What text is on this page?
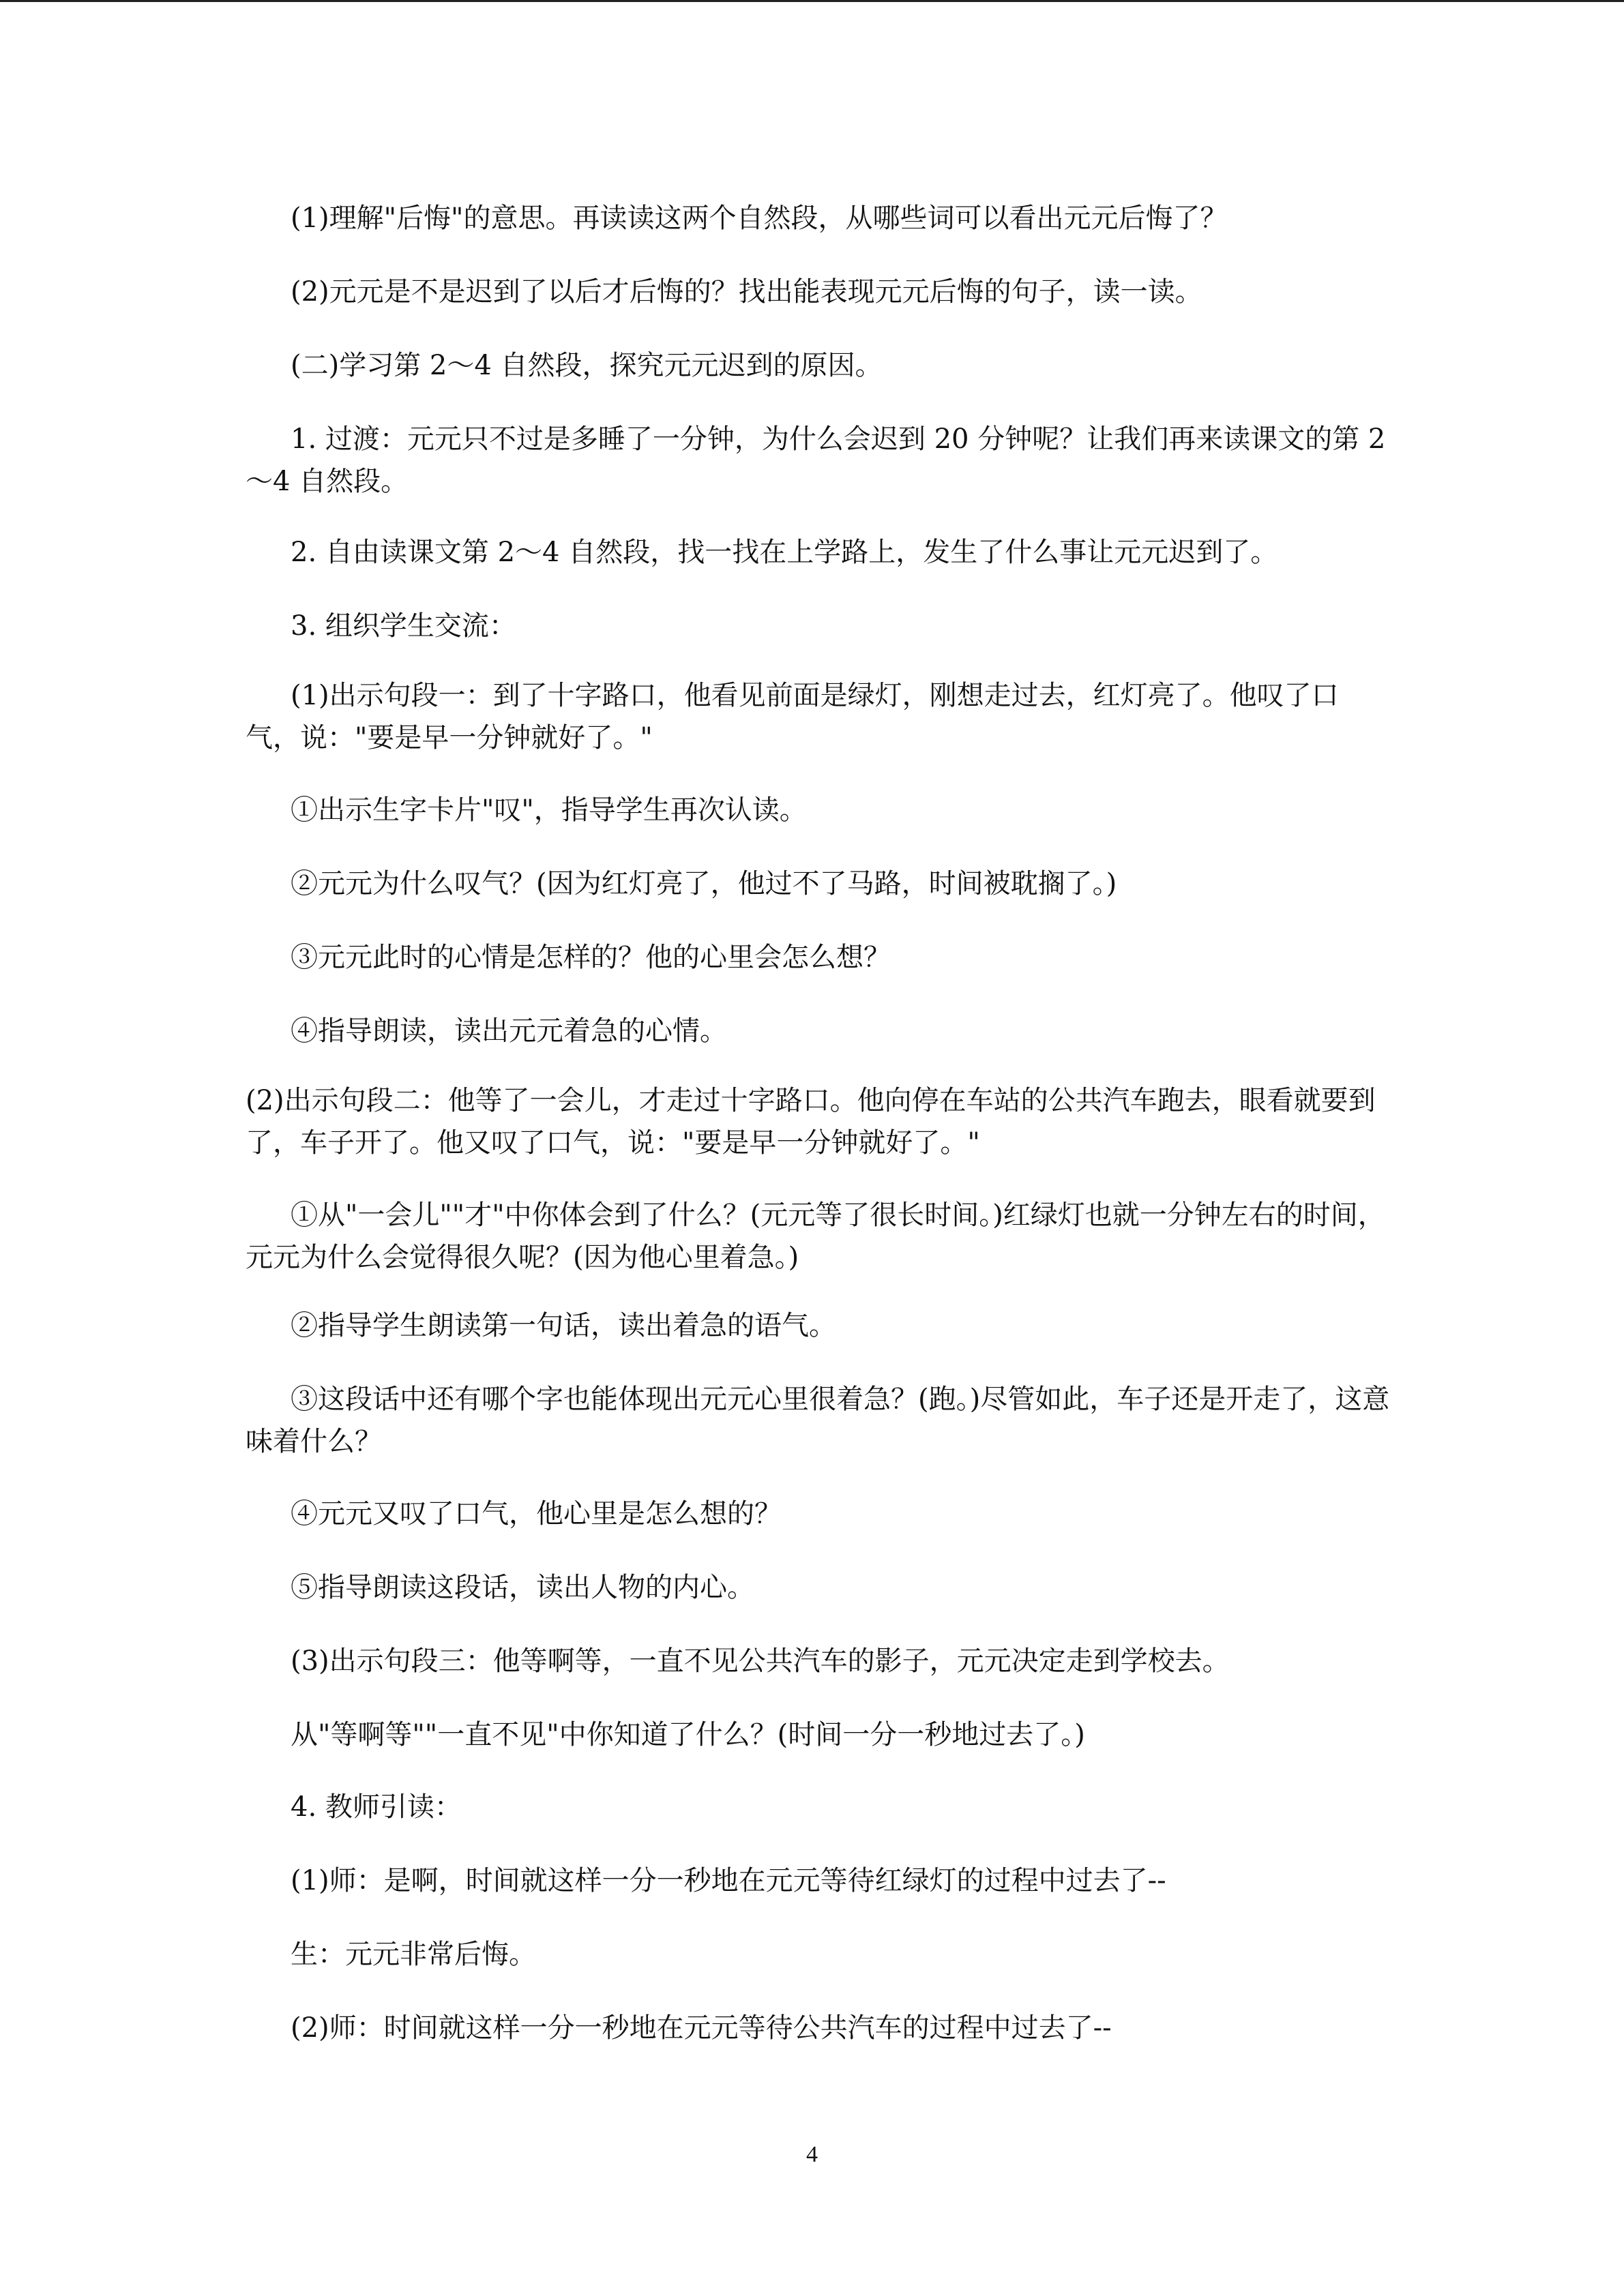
(1)理解"后悔"的意思。再读读这两个自然段，从哪些词可以看出元元后悔了？

(2)元元是不是迟到了以后才后悔的？找出能表现元元后悔的句子，读一读。

(二)学习第 2～4 自然段，探究元元迟到的原因。

1. 过渡：元元只不过是多睡了一分钟，为什么会迟到 20 分钟呢？让我们再来读课文的第 2～4 自然段。

2. 自由读课文第 2～4 自然段，找一找在上学路上，发生了什么事让元元迟到了。

3. 组织学生交流：

(1)出示句段一：到了十字路口，他看见前面是绿灯，刚想走过去，红灯亮了。他叹了口气，说："要是早一分钟就好了。"

①出示生字卡片"叹"，指导学生再次认读。

②元元为什么叹气？(因为红灯亮了，他过不了马路，时间被耽搁了。)

③元元此时的心情是怎样的？他的心里会怎么想？

④指导朗读，读出元元着急的心情。

(2)出示句段二：他等了一会儿，才走过十字路口。他向停在车站的公共汽车跑去，眼看就要到了，车子开了。他又叹了口气，说："要是早一分钟就好了。"

①从"一会儿""才"中你体会到了什么？(元元等了很长时间。)红绿灯也就一分钟左右的时间，元元为什么会觉得很久呢？(因为他心里着急。)

②指导学生朗读第一句话，读出着急的语气。

③这段话中还有哪个字也能体现出元元心里很着急？(跑。)尽管如此，车子还是开走了，这意味着什么？

④元元又叹了口气，他心里是怎么想的？

⑤指导朗读这段话，读出人物的内心。

(3)出示句段三：他等啊等，一直不见公共汽车的影子，元元决定走到学校去。

从"等啊等""一直不见"中你知道了什么？(时间一分一秒地过去了。)

4. 教师引读：

(1)师：是啊，时间就这样一分一秒地在元元等待红绿灯的过程中过去了--

生：元元非常后悔。

(2)师：时间就这样一分一秒地在元元等待公共汽车的过程中过去了--

4
